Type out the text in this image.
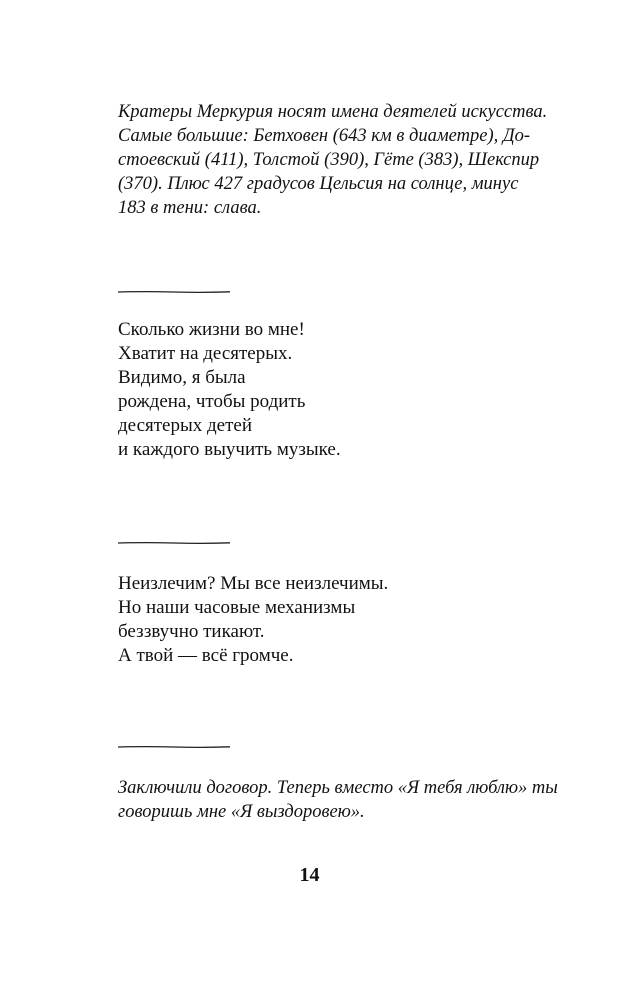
Кратеры Меркурия носят имена деятелей искусства.
Самые большие: Бетховен (643 км в диаметре), До-
стоевский (411), Толстой (390), Гёте (383), Шекспир
(370). Плюс 427 градусов Цельсия на солнце, минус
183 в тени: слава.
Сколько жизни во мне!
Хватит на десятерых.
Видимо, я была
рождена, чтобы родить
десятерых детей
и каждого выучить музыке.
Неизлечим? Мы все неизлечимы.
Но наши часовые механизмы
беззвучно тикают.
А твой — всё громче.
Заключили договор. Теперь вместо «Я тебя люблю» ты
говоришь мне «Я выздоровею».
14
